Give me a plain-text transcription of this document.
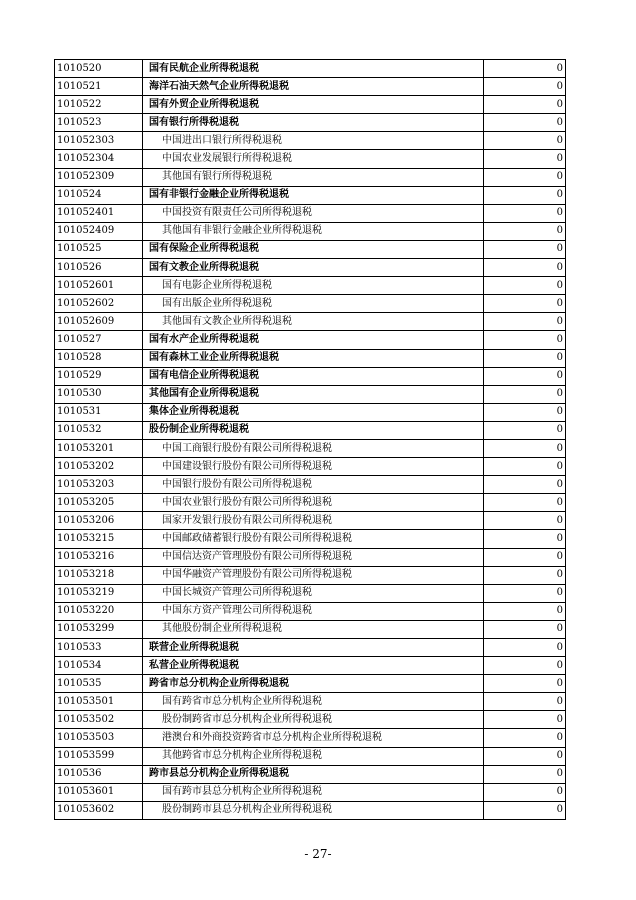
1010520	国有民航企业所得税退税	0
1010521	海洋石油天然气企业所得税退税	0
1010522	国有外贸企业所得税退税	0
1010523	国有银行所得税退税	0
101052303	中国进出口银行所得税退税	0
101052304	中国农业发展银行所得税退税	0
101052309	其他国有银行所得税退税	0
1010524	国有非银行金融企业所得税退税	0
101052401	中国投资有限责任公司所得税退税	0
101052409	其他国有非银行金融企业所得税退税	0
1010525	国有保险企业所得税退税	0
1010526	国有文教企业所得税退税	0
101052601	国有电影企业所得税退税	0
101052602	国有出版企业所得税退税	0
101052609	其他国有文教企业所得税退税	0
1010527	国有水产企业所得税退税	0
1010528	国有森林工业企业所得税退税	0
1010529	国有电信企业所得税退税	0
1010530	其他国有企业所得税退税	0
1010531	集体企业所得税退税	0
1010532	股份制企业所得税退税	0
101053201	中国工商银行股份有限公司所得税退税	0
101053202	中国建设银行股份有限公司所得税退税	0
101053203	中国银行股份有限公司所得税退税	0
101053205	中国农业银行股份有限公司所得税退税	0
101053206	国家开发银行股份有限公司所得税退税	0
101053215	中国邮政储蓄银行股份有限公司所得税退税	0
101053216	中国信达资产管理股份有限公司所得税退税	0
101053218	中国华融资产管理股份有限公司所得税退税	0
101053219	中国长城资产管理公司所得税退税	0
101053220	中国东方资产管理公司所得税退税	0
101053299	其他股份制企业所得税退税	0
1010533	联营企业所得税退税	0
1010534	私营企业所得税退税	0
1010535	跨省市总分机构企业所得税退税	0
101053501	国有跨省市总分机构企业所得税退税	0
101053502	股份制跨省市总分机构企业所得税退税	0
101053503	港澳台和外商投资跨省市总分机构企业所得税退税	0
101053599	其他跨省市总分机构企业所得税退税	0
1010536	跨市县总分机构企业所得税退税	0
101053601	国有跨市县总分机构企业所得税退税	0
101053602	股份制跨市县总分机构企业所得税退税	0
- 27-
